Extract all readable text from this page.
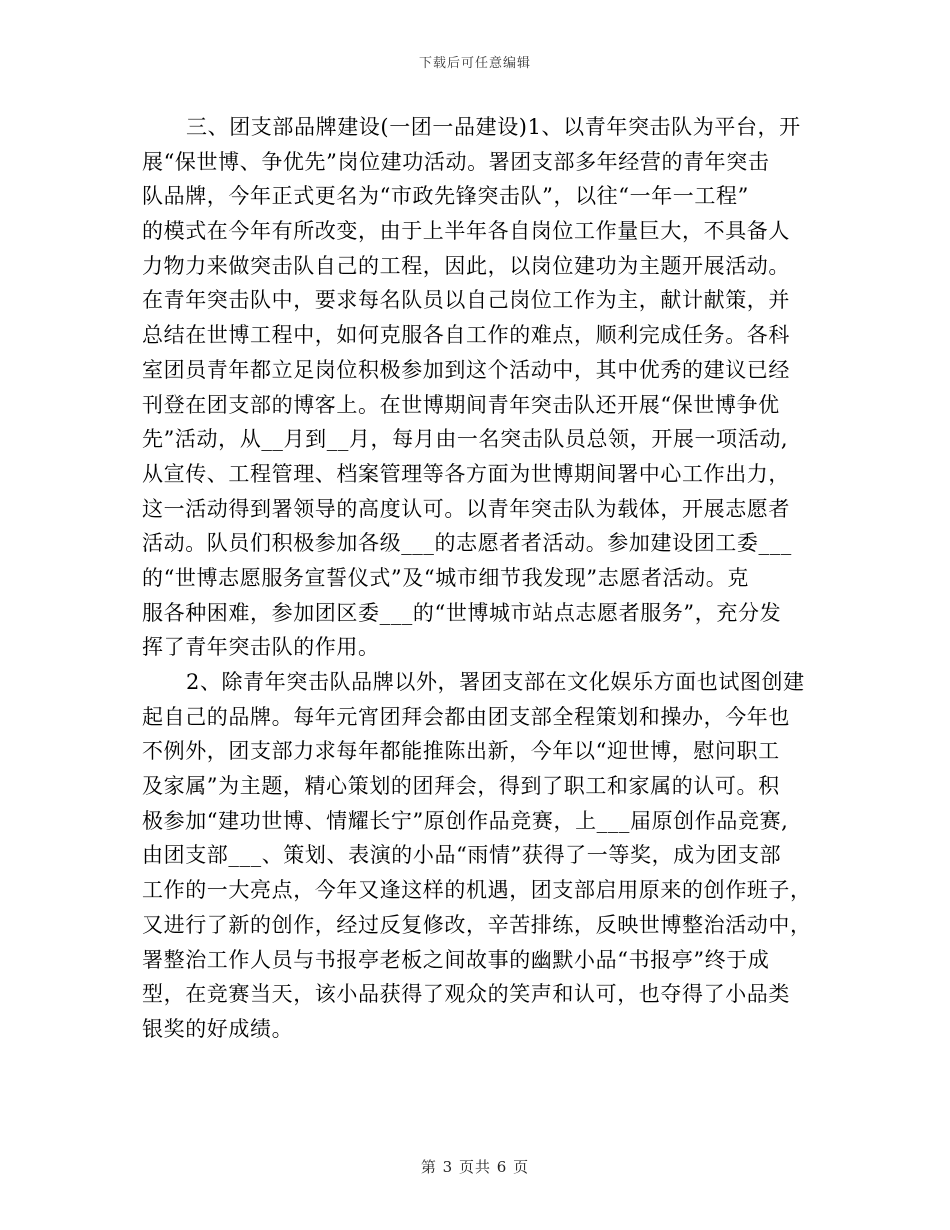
下载后可任意编辑
三、团支部品牌建设(一团一品建设)1、以青年突击队为平台，开
展“保世博、争优先”岗位建功活动。署团支部多年经营的青年突击
队品牌，今年正式更名为“市政先锋突击队”，以往“一年一工程”
的模式在今年有所改变，由于上半年各自岗位工作量巨大，不具备人
力物力来做突击队自己的工程，因此，以岗位建功为主题开展活动。
在青年突击队中，要求每名队员以自己岗位工作为主，献计献策，并
总结在世博工程中，如何克服各自工作的难点，顺利完成任务。各科
室团员青年都立足岗位积极参加到这个活动中，其中优秀的建议已经
刊登在团支部的博客上。在世博期间青年突击队还开展“保世博争优
先”活动，从__月到__月，每月由一名突击队员总领，开展一项活动,
从宣传、工程管理、档案管理等各方面为世博期间署中心工作出力，
这一活动得到署领导的高度认可。以青年突击队为载体，开展志愿者
活动。队员们积极参加各级___的志愿者者活动。参加建设团工委___
的“世博志愿服务宣誓仪式”及“城市细节我发现”志愿者活动。克
服各种困难，参加团区委___的“世博城市站点志愿者服务”，充分发
挥了青年突击队的作用。
2、除青年突击队品牌以外，署团支部在文化娱乐方面也试图创建
起自己的品牌。每年元宵团拜会都由团支部全程策划和操办，今年也
不例外，团支部力求每年都能推陈出新，今年以“迎世博，慰问职工
及家属”为主题，精心策划的团拜会，得到了职工和家属的认可。积
极参加“建功世博、情耀长宁”原创作品竞赛，上___届原创作品竞赛,
由团支部___、策划、表演的小品“雨情”获得了一等奖，成为团支部
工作的一大亮点，今年又逢这样的机遇，团支部启用原来的创作班子，
又进行了新的创作，经过反复修改，辛苦排练，反映世博整治活动中，
署整治工作人员与书报亭老板之间故事的幽默小品“书报亭”终于成
型，在竞赛当天，该小品获得了观众的笑声和认可，也夺得了小品类
银奖的好成绩。
第 3 页共 6 页
